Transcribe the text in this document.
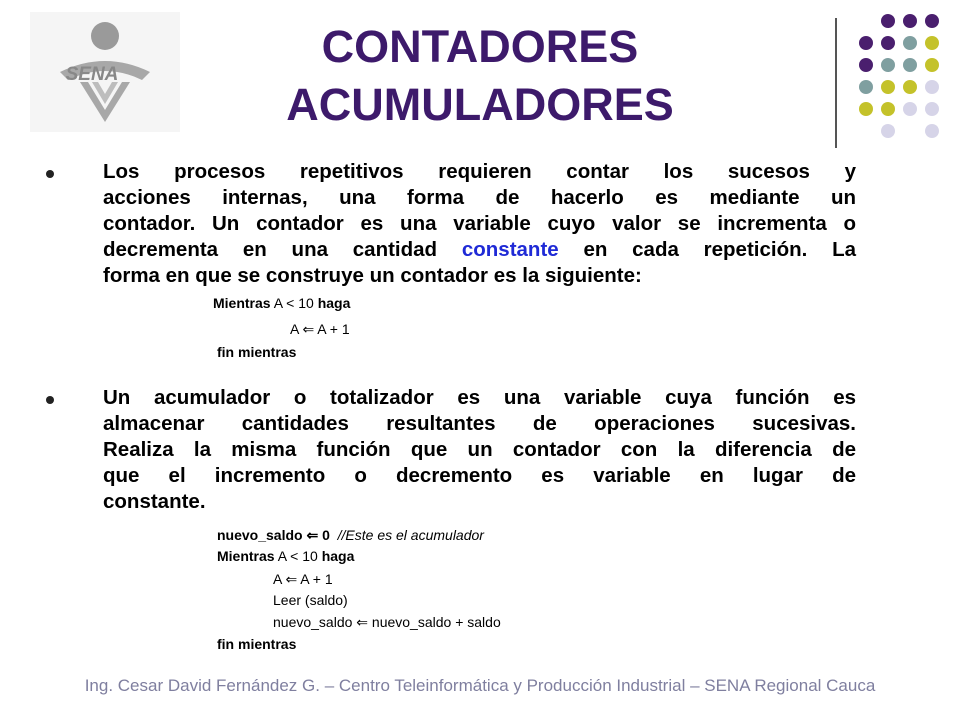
SENA
CONTADORES
ACUMULADORES
Los procesos repetitivos requieren contar los sucesos y
acciones internas, una forma de hacerlo es mediante un
contador. Un contador es una variable cuyo valor se incrementa o
decrementa en una cantidad constante en cada repetición. La
forma en que se construye un contador es la siguiente:
Mientras A < 10 haga
A ⇐ A + 1
fin mientras
Un acumulador o totalizador es una variable cuya función es
almacenar cantidades resultantes de operaciones sucesivas.
Realiza la misma función que un contador con la diferencia de
que el incremento o decremento es variable en lugar de
constante.
nuevo_saldo ⇐ 0 //Este es el acumulador
Mientras A < 10 haga
A ⇐ A + 1
Leer (saldo)
nuevo_saldo ⇐ nuevo_saldo + saldo
fin mientras
Ing. Cesar David Fernández G. – Centro Teleinformática y Producción Industrial – SENA Regional Cauca
